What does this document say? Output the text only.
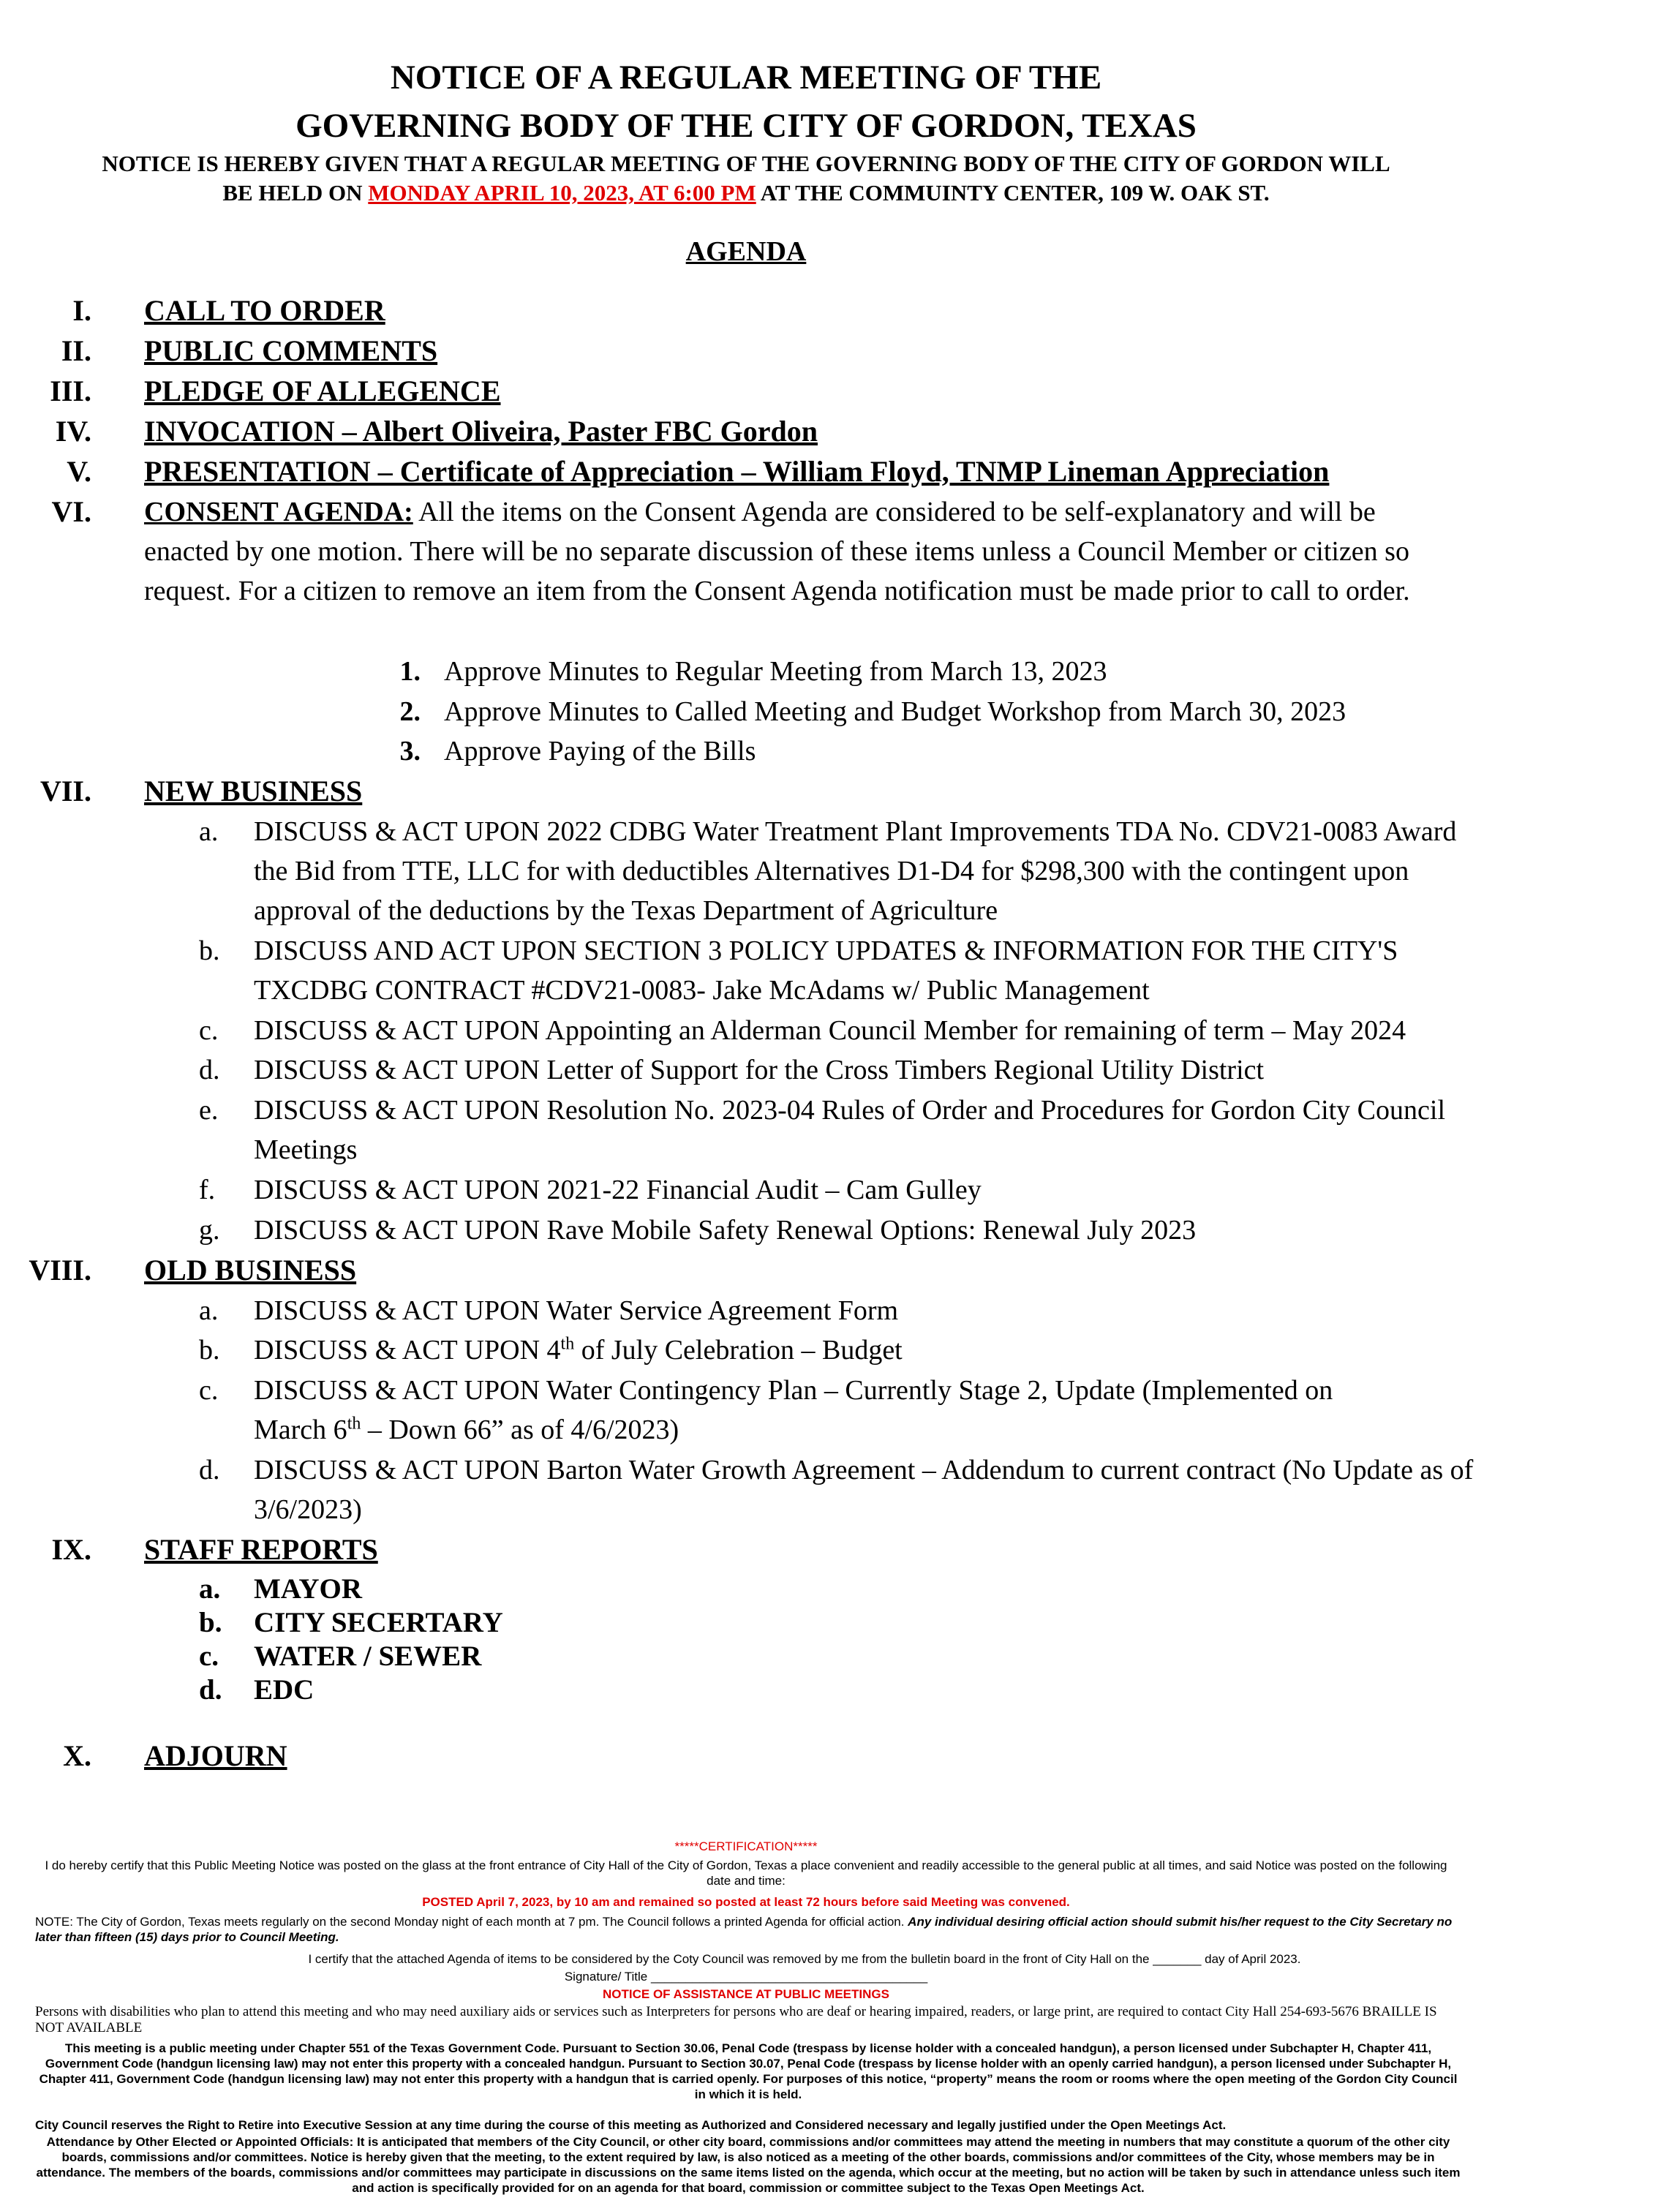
NOTICE OF A REGULAR MEETING OF THE
GOVERNING BODY OF THE CITY OF GORDON, TEXAS
NOTICE IS HEREBY GIVEN THAT A REGULAR MEETING OF THE GOVERNING BODY OF THE CITY OF GORDON WILL
BE HELD ON MONDAY APRIL 10, 2023, AT 6:00 PM AT THE COMMUINTY CENTER, 109 W. OAK ST.
AGENDA
I. CALL TO ORDER
II. PUBLIC COMMENTS
III. PLEDGE OF ALLEGENCE
IV. INVOCATION – Albert Oliveira, Paster FBC Gordon
V. PRESENTATION – Certificate of Appreciation – William Floyd, TNMP Lineman Appreciation
VI. CONSENT AGENDA: All the items on the Consent Agenda are considered to be self-explanatory and will be enacted by one motion. There will be no separate discussion of these items unless a Council Member or citizen so request. For a citizen to remove an item from the Consent Agenda notification must be made prior to call to order.
1. Approve Minutes to Regular Meeting from March 13, 2023
2. Approve Minutes to Called Meeting and Budget Workshop from March 30, 2023
3. Approve Paying of the Bills
VII. NEW BUSINESS
a. DISCUSS & ACT UPON 2022 CDBG Water Treatment Plant Improvements TDA No. CDV21-0083 Award the Bid from TTE, LLC for with deductibles Alternatives D1-D4 for $298,300 with the contingent upon approval of the deductions by the Texas Department of Agriculture
b. DISCUSS AND ACT UPON SECTION 3 POLICY UPDATES & INFORMATION FOR THE CITY'S TXCDBG CONTRACT #CDV21-0083- Jake McAdams w/ Public Management
c. DISCUSS & ACT UPON Appointing an Alderman Council Member for remaining of term – May 2024
d. DISCUSS & ACT UPON Letter of Support for the Cross Timbers Regional Utility District
e. DISCUSS & ACT UPON Resolution No. 2023-04 Rules of Order and Procedures for Gordon City Council Meetings
f. DISCUSS & ACT UPON 2021-22 Financial Audit – Cam Gulley
g. DISCUSS & ACT UPON Rave Mobile Safety Renewal Options: Renewal July 2023
VIII. OLD BUSINESS
a. DISCUSS & ACT UPON Water Service Agreement Form
b. DISCUSS & ACT UPON 4th of July Celebration – Budget
c. DISCUSS & ACT UPON Water Contingency Plan – Currently Stage 2, Update (Implemented on
March 6th – Down 66” as of 4/6/2023)
d. DISCUSS & ACT UPON Barton Water Growth Agreement – Addendum to current contract (No Update as of 3/6/2023)
IX. STAFF REPORTS
a. MAYOR
b. CITY SECERTARY
c. WATER / SEWER
d. EDC
X. ADJOURN
*****CERTIFICATION*****
I do hereby certify that this Public Meeting Notice was posted on the glass at the front entrance of City Hall of the City of Gordon, Texas a place convenient and readily accessible to the general public at all times, and said Notice was posted on the following date and time:
POSTED April 7, 2023, by 10 am and remained so posted at least 72 hours before said Meeting was convened.
NOTE: The City of Gordon, Texas meets regularly on the second Monday night of each month at 7 pm. The Council follows a printed Agenda for official action. Any individual desiring official action should submit his/her request to the City Secretary no later than fifteen (15) days prior to Council Meeting.
I certify that the attached Agenda of items to be considered by the Coty Council was removed by me from the bulletin board in the front of City Hall on the _______ day of April 2023.
Signature/ Title ________________________________________
NOTICE OF ASSISTANCE AT PUBLIC MEETINGS
Persons with disabilities who plan to attend this meeting and who may need auxiliary aids or services such as Interpreters for persons who are deaf or hearing impaired, readers, or large print, are required to contact City Hall 254-693-5676 BRAILLE IS NOT AVAILABLE
This meeting is a public meeting under Chapter 551 of the Texas Government Code. Pursuant to Section 30.06, Penal Code (trespass by license holder with a concealed handgun), a person licensed under Subchapter H, Chapter 411, Government Code (handgun licensing law) may not enter this property with a concealed handgun. Pursuant to Section 30.07, Penal Code (trespass by license holder with an openly carried handgun), a person licensed under Subchapter H, Chapter 411, Government Code (handgun licensing law) may not enter this property with a handgun that is carried openly. For purposes of this notice, “property” means the room or rooms where the open meeting of the Gordon City Council in which it is held.
City Council reserves the Right to Retire into Executive Session at any time during the course of this meeting as Authorized and Considered necessary and legally justified under the Open Meetings Act.
Attendance by Other Elected or Appointed Officials: It is anticipated that members of the City Council, or other city board, commissions and/or committees may attend the meeting in numbers that may constitute a quorum of the other city boards, commissions and/or committees. Notice is hereby given that the meeting, to the extent required by law, is also noticed as a meeting of the other boards, commissions and/or committees of the City, whose members may be in attendance. The members of the boards, commissions and/or committees may participate in discussions on the same items listed on the agenda, which occur at the meeting, but no action will be taken by such in attendance unless such item and action is specifically provided for on an agenda for that board, commission or committee subject to the Texas Open Meetings Act.
